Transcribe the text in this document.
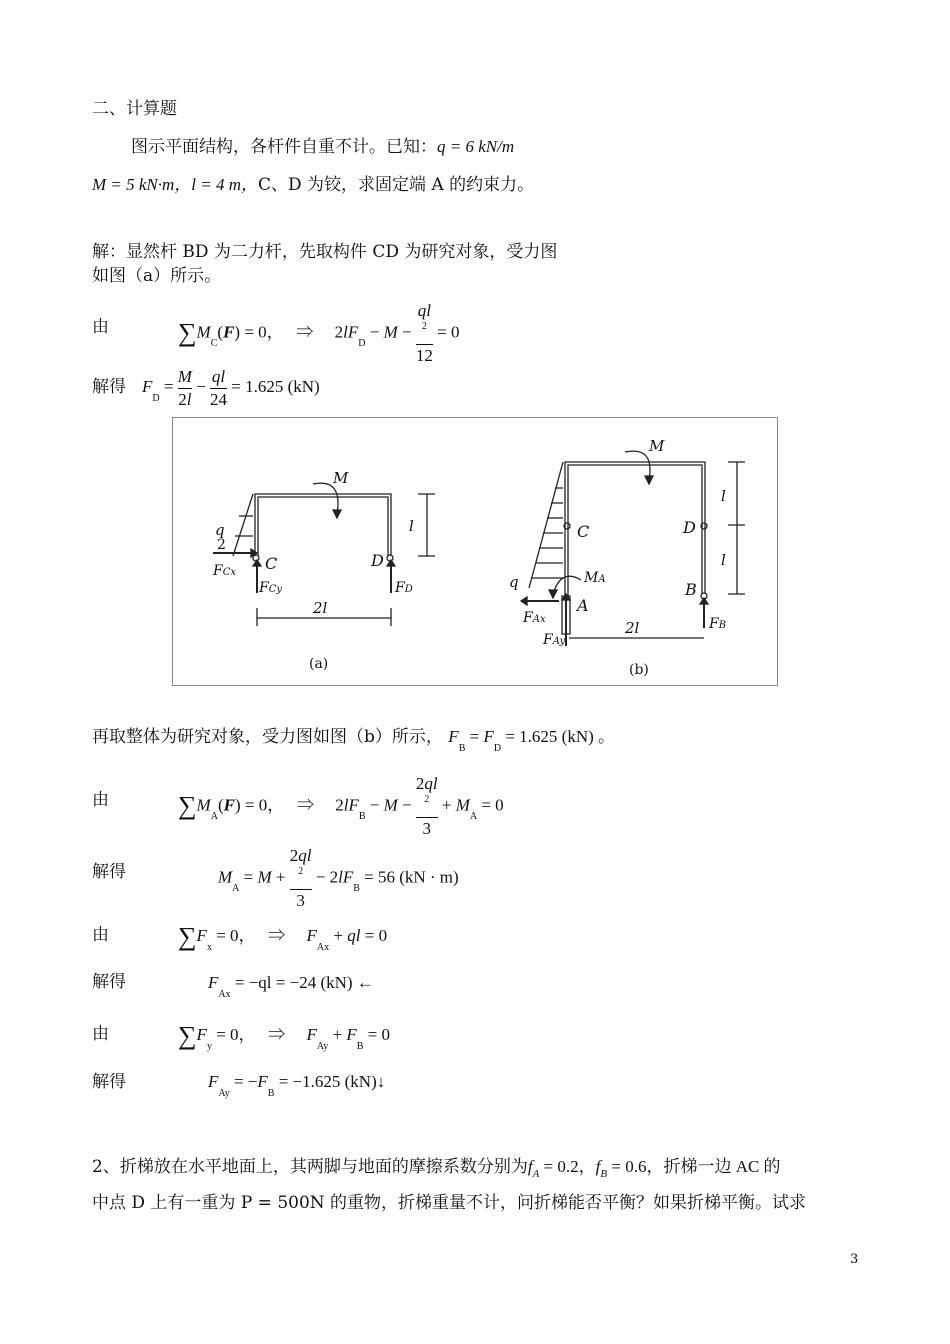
二、计算题
图示平面结构，各杆件自重不计。已知：q = 6 kN/m
M = 5 kN·m，l = 4 m，C、D 为铰，求固定端 A 的约束力。
解：显然杆 BD 为二力杆，先取构件 CD 为研究对象，受力图
如图（a）所示。
由	$\sum M_C(F) = 0$，   ⇒     $2lF_D - M$ − ql
2
12 = 0
解得 $F_D = \frac{M}{2l} - \frac{ql}{24} = 1.625$ (kN)
M
q
2
FCx C
FCy
D
FD
l
2l
(a)
M
C	D
q	MA
A
B
FAx
FAy
FB
l
l
2l
(b)
再取整体为研究对象，受力图如图（b）所示， $F_B = F_D = 1.625$ (kN) 。
由	$\sum M_A(F) = 0$，   ⇒     $2lF_B - M - 2ql$
2
$3 + M_A = 0$
解得	$M_A = M + 2ql$
2
$3 - 2lF_B = 56$ (kN · m)
由	$\sum F_x = 0$，   ⇒     $F_{Ax}$ + ql = 0
解得	$F_{Ax} = -ql = -24$ (kN) ←
由	$\sum F_y = 0$，   ⇒     $F_{Ay} + F_B = 0$
解得	$F_{Ay} = -F_B = -1.625$ (kN)↓
2、折梯放在水平地面上，其两脚与地面的摩擦系数分别为$f_A = 0.2$，$f_B = 0.6$，折梯一边 AC 的
中点 D 上有一重为 P = 500N 的重物，折梯重量不计，问折梯能否平衡？如果折梯平衡。试求
3
